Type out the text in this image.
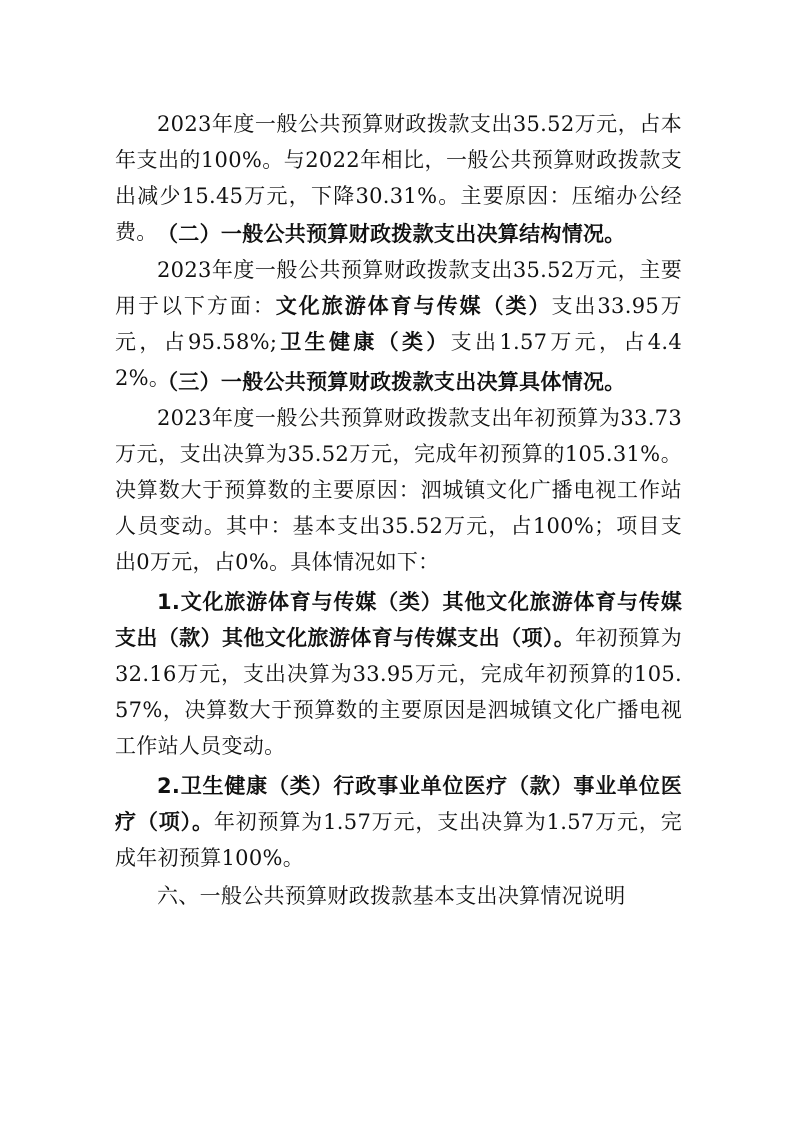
2023年度一般公共预算财政拨款支出35.52万元，占本年支出的100%。与2022年相比，一般公共预算财政拨款支出减少15.45万元，下降30.31%。主要原因：压缩办公经费。 （二）一般公共预算财政拨款支出决算结构情况。

2023年度一般公共预算财政拨款支出35.52万元，主要用于以下方面：文化旅游体育与传媒（类）支出33.95万元，占95.58%;卫生健康（类）支出1.57万元，占4.42%。

（三）一般公共预算财政拨款支出决算具体情况。

2023年度一般公共预算财政拨款支出年初预算为33.73万元，支出决算为35.52万元，完成年初预算的105.31%。决算数大于预算数的主要原因：泗城镇文化广播电视工作站人员变动。其中：基本支出35.52万元，占100%；项目支出0万元，占0%。具体情况如下：

1.文化旅游体育与传媒（类）其他文化旅游体育与传媒支出（款）其他文化旅游体育与传媒支出（项）。年初预算为32.16万元，支出决算为33.95万元，完成年初预算的105.57%，决算数大于预算数的主要原因是泗城镇文化广播电视工作站人员变动。

2.卫生健康（类）行政事业单位医疗（款）事业单位医疗（项）。年初预算为1.57万元，支出决算为1.57万元，完成年初预算100%。

六、一般公共预算财政拨款基本支出决算情况说明
